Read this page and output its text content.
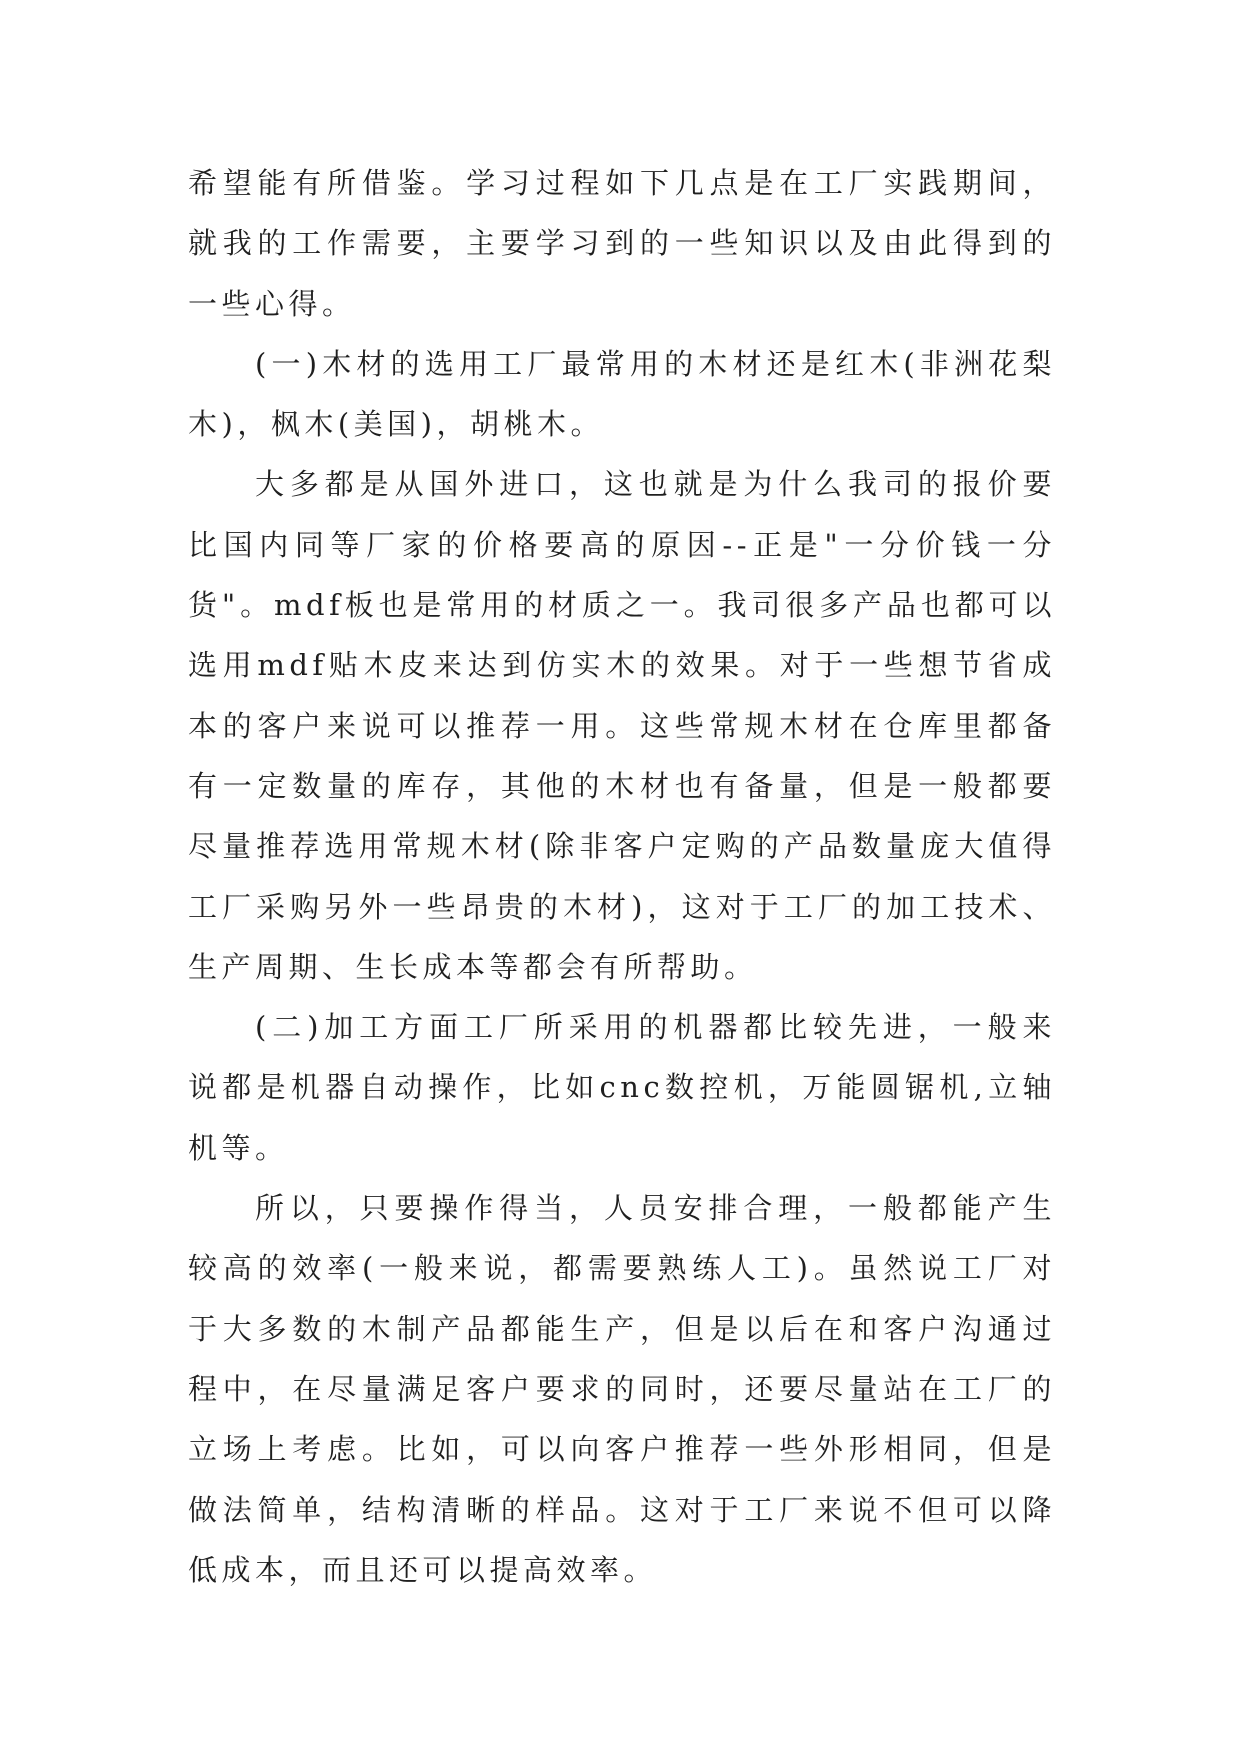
希望能有所借鉴。学习过程如下几点是在工厂实践期间，就我的工作需要，主要学习到的一些知识以及由此得到的一些心得。

(一)木材的选用工厂最常用的木材还是红木(非洲花梨木)，枫木(美国)，胡桃木。

大多都是从国外进口，这也就是为什么我司的报价要比国内同等厂家的价格要高的原因--正是"一分价钱一分货"。mdf板也是常用的材质之一。我司很多产品也都可以选用mdf贴木皮来达到仿实木的效果。对于一些想节省成本的客户来说可以推荐一用。这些常规木材在仓库里都备有一定数量的库存，其他的木材也有备量，但是一般都要尽量推荐选用常规木材(除非客户定购的产品数量庞大值得工厂采购另外一些昂贵的木材)，这对于工厂的加工技术、生产周期、生长成本等都会有所帮助。

(二)加工方面工厂所采用的机器都比较先进，一般来说都是机器自动操作，比如cnc数控机，万能圆锯机,立轴机等。

所以，只要操作得当，人员安排合理，一般都能产生较高的效率(一般来说，都需要熟练人工)。虽然说工厂对于大多数的木制产品都能生产，但是以后在和客户沟通过程中，在尽量满足客户要求的同时，还要尽量站在工厂的立场上考虑。比如，可以向客户推荐一些外形相同，但是做法简单，结构清晰的样品。这对于工厂来说不但可以降低成本，而且还可以提高效率。
